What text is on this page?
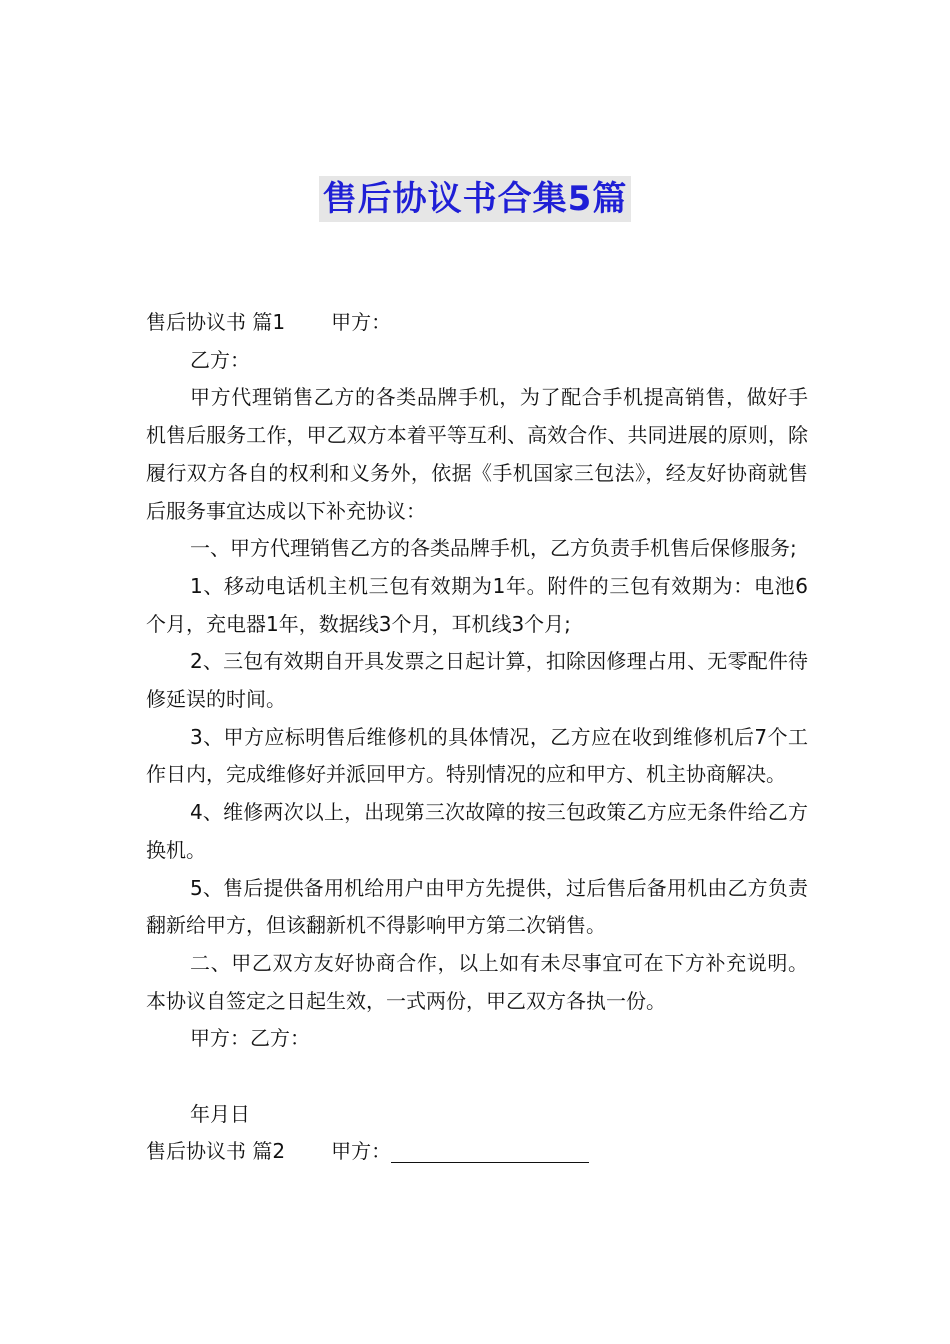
售后协议书合集5篇

售后协议书 篇1 甲方：

乙方：

甲方代理销售乙方的各类品牌手机，为了配合手机提高销售，做好手机售后服务工作，甲乙双方本着平等互利、高效合作、共同进展的原则，除履行双方各自的权利和义务外，依据《手机国家三包法》，经友好协商就售后服务事宜达成以下补充协议：

一、甲方代理销售乙方的各类品牌手机，乙方负责手机售后保修服务;

1、移动电话机主机三包有效期为1年。附件的三包有效期为：电池6个月，充电器1年，数据线3个月，耳机线3个月;

2、三包有效期自开具发票之日起计算，扣除因修理占用、无零配件待修延误的时间。

3、甲方应标明售后维修机的具体情况，乙方应在收到维修机后7个工作日内，完成维修好并派回甲方。特别情况的应和甲方、机主协商解决。

4、维修两次以上，出现第三次故障的按三包政策乙方应无条件给乙方换机。

5、售后提供备用机给用户由甲方先提供，过后售后备用机由乙方负责翻新给甲方，但该翻新机不得影响甲方第二次销售。

二、甲乙双方友好协商合作，以上如有未尽事宜可在下方补充说明。本协议自签定之日起生效，一式两份，甲乙双方各执一份。

甲方：乙方：

年月日

售后协议书 篇2 甲方：
